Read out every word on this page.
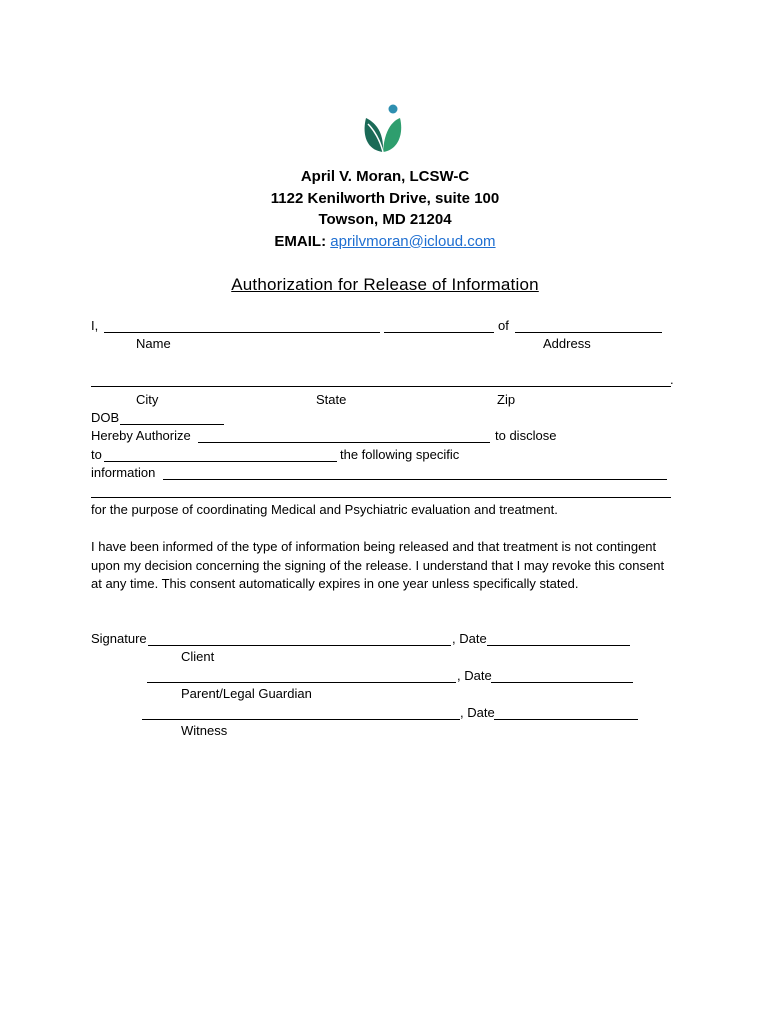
April V. Moran, LCSW-C
1122 Kenilworth Drive, suite 100
Towson, MD 21204
EMAIL: aprilvmoran@icloud.com
Authorization for Release of Information
I,	of
Name	Address
.
City	State	Zip
DOB
Hereby Authorize	to disclose
to	the following specific
information
for the purpose of coordinating Medical and Psychiatric evaluation and treatment.
I have been informed of the type of information being released and that treatment is not contingent upon my decision concerning the signing of the release. I understand that I may revoke this consent at any time. This consent automatically expires in one year unless specifically stated.
Signature	, Date
Client
, Date
Parent/Legal Guardian
, Date
Witness
